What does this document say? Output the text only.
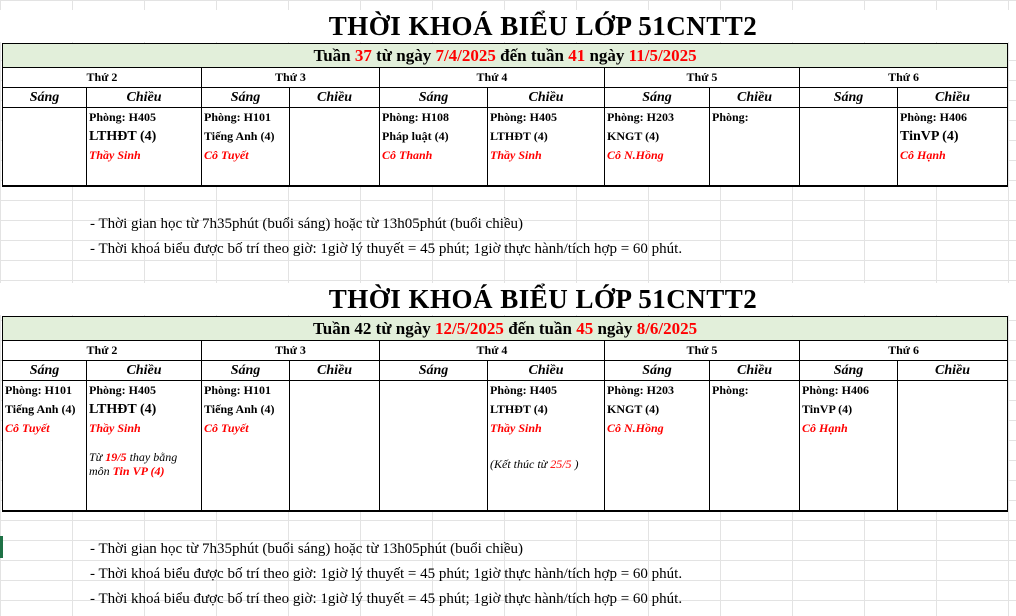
THỜI KHOÁ BIỂU LỚP 51CNTT2
Tuần 37 từ ngày 7/4/2025 đến tuần 41 ngày 11/5/2025									
Thứ 2		Thứ 3		Thứ 4		Thứ 5		Thứ 6	
Sáng	Chiều	Sáng	Chiều	Sáng	Chiều	Sáng	Chiều	Sáng	Chiều
	Phòng: H405	Phòng: H101		Phòng: H108	Phòng: H405	Phòng: H203	Phòng:		Phòng: H406
	LTHĐT (4)	Tiếng Anh (4)		Pháp luật (4)	LTHĐT (4)	KNGT (4)			TinVP (4)
	Thầy Sinh	Cô Tuyết		Cô Thanh	Thầy Sinh	Cô N.Hồng			Cô Hạnh

- Thời gian học từ 7h35phút (buổi sáng) hoặc từ 13h05phút (buổi chiều)
- Thời khoá biểu được bố trí theo giờ: 1giờ lý thuyết = 45 phút; 1giờ thực hành/tích hợp = 60 phút.
THỜI KHOÁ BIỂU LỚP 51CNTT2
Tuần 42 từ ngày 12/5/2025 đến tuần 45 ngày 8/6/2025									
Thứ 2		Thứ 3		Thứ 4		Thứ 5		Thứ 6	
Sáng	Chiều	Sáng	Chiều	Sáng	Chiều	Sáng	Chiều	Sáng	Chiều
Phòng: H101	Phòng: H405	Phòng: H101			Phòng: H405	Phòng: H203	Phòng:	Phòng: H406	
Tiếng Anh (4)	LTHĐT (4)	Tiếng Anh (4)			LTHĐT (4)	KNGT (4)		TinVP (4)	
Cô Tuyết	Thầy Sinh	Cô Tuyết			Thầy Sinh	Cô N.Hồng		Cô Hạnh	
	Từ 19/5 thay bằng môn Tin VP (4)				(Kết thúc từ 25/5 )				

- Thời gian học từ 7h35phút (buổi sáng) hoặc từ 13h05phút (buổi chiều)
- Thời khoá biểu được bố trí theo giờ: 1giờ lý thuyết = 45 phút; 1giờ thực hành/tích hợp = 60 phút.
- Thời khoá biểu được bố trí theo giờ: 1giờ lý thuyết = 45 phút; 1giờ thực hành/tích hợp = 60 phút.
